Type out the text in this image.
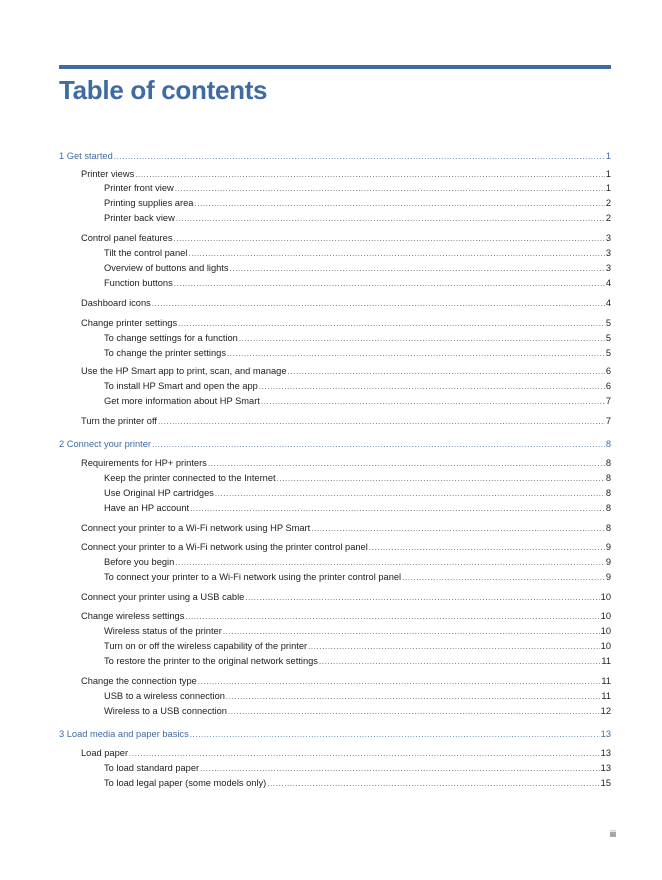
Table of contents
1 Get started .....	1
Printer views .....	1
Printer front view .....	1
Printing supplies area .....	2
Printer back view .....	2
Control panel features .....	3
Tilt the control panel .....	3
Overview of buttons and lights .....	3
Function buttons .....	4
Dashboard icons .....	4
Change printer settings .....	5
To change settings for a function .....	5
To change the printer settings .....	5
Use the HP Smart app to print, scan, and manage .....	6
To install HP Smart and open the app .....	6
Get more information about HP Smart .....	7
Turn the printer off .....	7
2 Connect your printer .....	8
Requirements for HP+ printers .....	8
Keep the printer connected to the Internet .....	8
Use Original HP cartridges .....	8
Have an HP account .....	8
Connect your printer to a Wi-Fi network using HP Smart .....	8
Connect your printer to a Wi-Fi network using the printer control panel .....	9
Before you begin .....	9
To connect your printer to a Wi-Fi network using the printer control panel .....	9
Connect your printer using a USB cable .....	10
Change wireless settings .....	10
Wireless status of the printer .....	10
Turn on or off the wireless capability of the printer .....	10
To restore the printer to the original network settings .....	11
Change the connection type .....	11
USB to a wireless connection .....	11
Wireless to a USB connection .....	12
3 Load media and paper basics .....	13
Load paper .....	13
To load standard paper .....	13
To load legal paper (some models only) .....	15
iii
